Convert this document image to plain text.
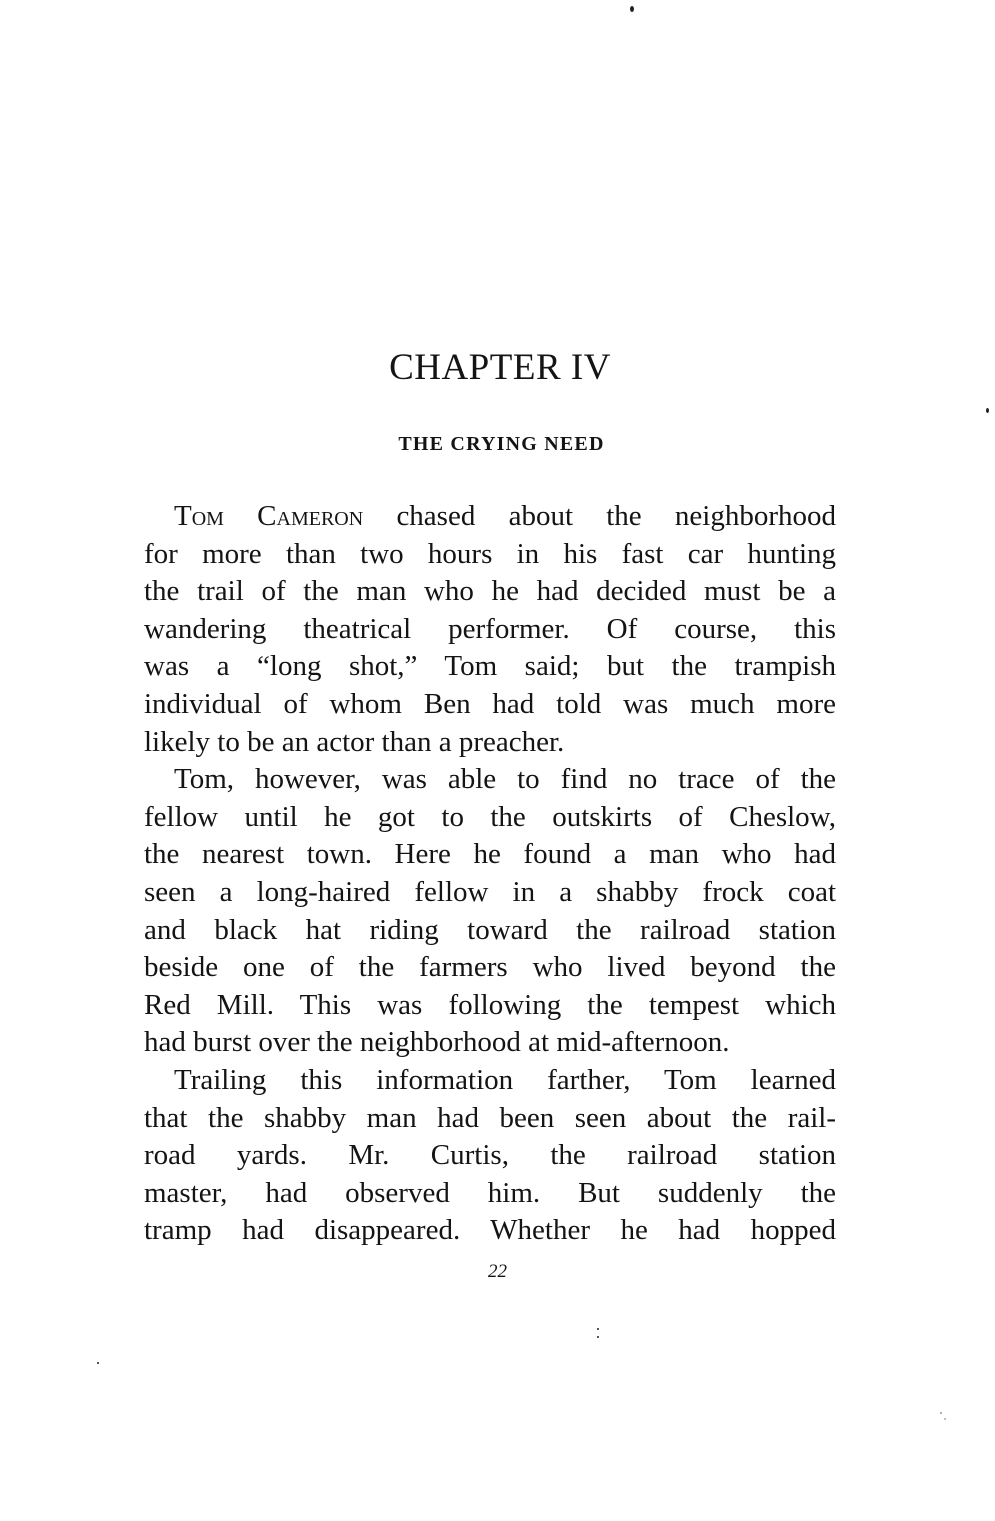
CHAPTER IV
THE CRYING NEED
Tom Cameron chased about the neighborhood
for more than two hours in his fast car hunting
the trail of the man who he had decided must be a
wandering theatrical performer. Of course, this
was a “long shot,” Tom said; but the trampish
individual of whom Ben had told was much more
likely to be an actor than a preacher.
Tom, however, was able to find no trace of the
fellow until he got to the outskirts of Cheslow,
the nearest town. Here he found a man who had
seen a long-haired fellow in a shabby frock coat
and black hat riding toward the railroad station
beside one of the farmers who lived beyond the
Red Mill. This was following the tempest which
had burst over the neighborhood at mid-afternoon.
Trailing this information farther, Tom learned
that the shabby man had been seen about the rail-
road yards. Mr. Curtis, the railroad station
master, had observed him. But suddenly the
tramp had disappeared. Whether he had hopped
22
